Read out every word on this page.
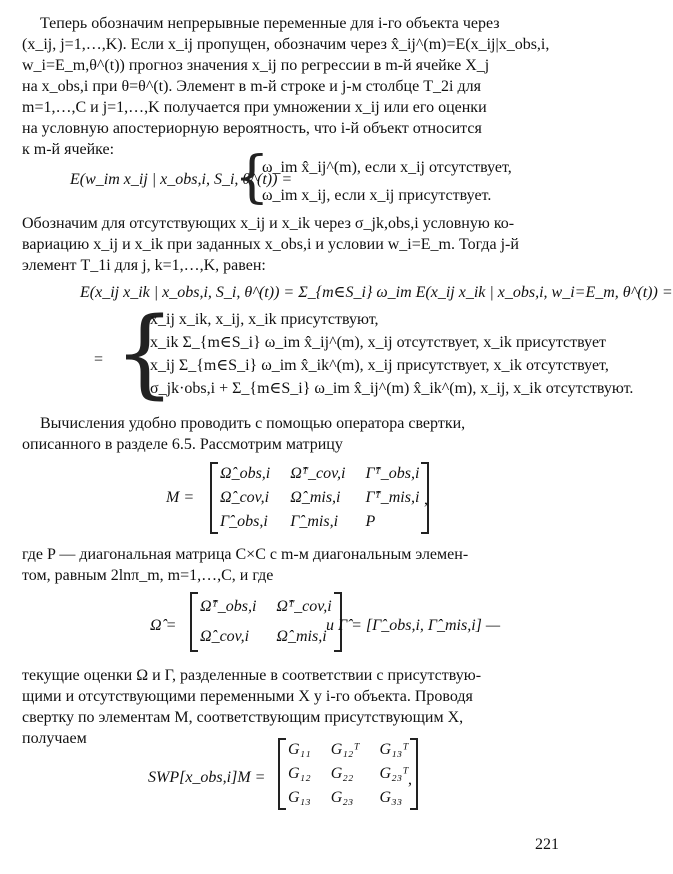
Теперь обозначим непрерывные переменные для i-го объекта через
(x_ij, j=1,…,K). Если x_ij пропущен, обозначим через x̂_ij^(m)=E(x_ij|x_obs,i,
w_i=E_m,θ^(t)) прогноз значения x_ij по регрессии в m-й ячейке X_j
на x_obs,i при θ=θ^(t). Элемент в m-й строке и j-м столбце T_2i для
m=1,…,C и j=1,…,K получается при умножении x_ij или его оценки
на условную апостериорную вероятность, что i-й объект относится
к m-й ячейке:
E(w_im x_ij | x_obs,i, S_i, θ^(t)) =
{
ω_im x̂_ij^(m), если x_ij отсутствует,
ω_im x_ij, если x_ij присутствует.
Обозначим для отсутствующих x_ij и x_ik через σ_jk,obs,i условную ко-
вариацию x_ij и x_ik при заданных x_obs,i и условии w_i=E_m. Тогда j-й
элемент T_1i для j, k=1,…,K, равен:
E(x_ij x_ik | x_obs,i, S_i, θ^(t)) = Σ_{m∈S_i} ω_im E(x_ij x_ik | x_obs,i, w_i=E_m, θ^(t)) =
= {
x_ij x_ik, x_ij, x_ik присутствуют,
x_ik Σ_{m∈S_i} ω_im x̂_ij^(m), x_ij отсутствует, x_ik присутствует
x_ij Σ_{m∈S_i} ω_im x̂_ik^(m), x_ij присутствует, x_ik отсутствует,
σ_jk·obs,i + Σ_{m∈S_i} ω_im x̂_ij^(m) x̂_ik^(m), x_ij, x_ik отсутствуют.
Вычисления удобно проводить с помощью оператора свертки,
описанного в разделе 6.5. Рассмотрим матрицу
M =
Ω̂_obs,i	Ω̂ᵀ_cov,i	Γ̂ᵀ_obs,i
Ω̂_cov,i	Ω̂_mis,i	Γ̂ᵀ_mis,i
Γ̂_obs,i	Γ̂_mis,i	P
,
где P — диагональная матрица C×C с m-м диагональным элемен-
том, равным 2lnπ_m, m=1,…,C, и где
Ω̂ =
Ω̂ᵀ_obs,i	Ω̂ᵀ_cov,i
Ω̂_cov,i	Ω̂_mis,i
и Γ̂ = [Γ̂_obs,i, Γ̂_mis,i] —
текущие оценки Ω и Γ, разделенные в соответствии с присутствую-
щими и отсутствующими переменными X у i-го объекта. Проводя
свертку по элементам M, соответствующим присутствующим X,
получаем
SWP[x_obs,i]M =
G₁₁	G₁₂ᵀ	G₁₃ᵀ
G₁₂	G₂₂	G₂₃ᵀ
G₁₃	G₂₃	G₃₃
,
221
